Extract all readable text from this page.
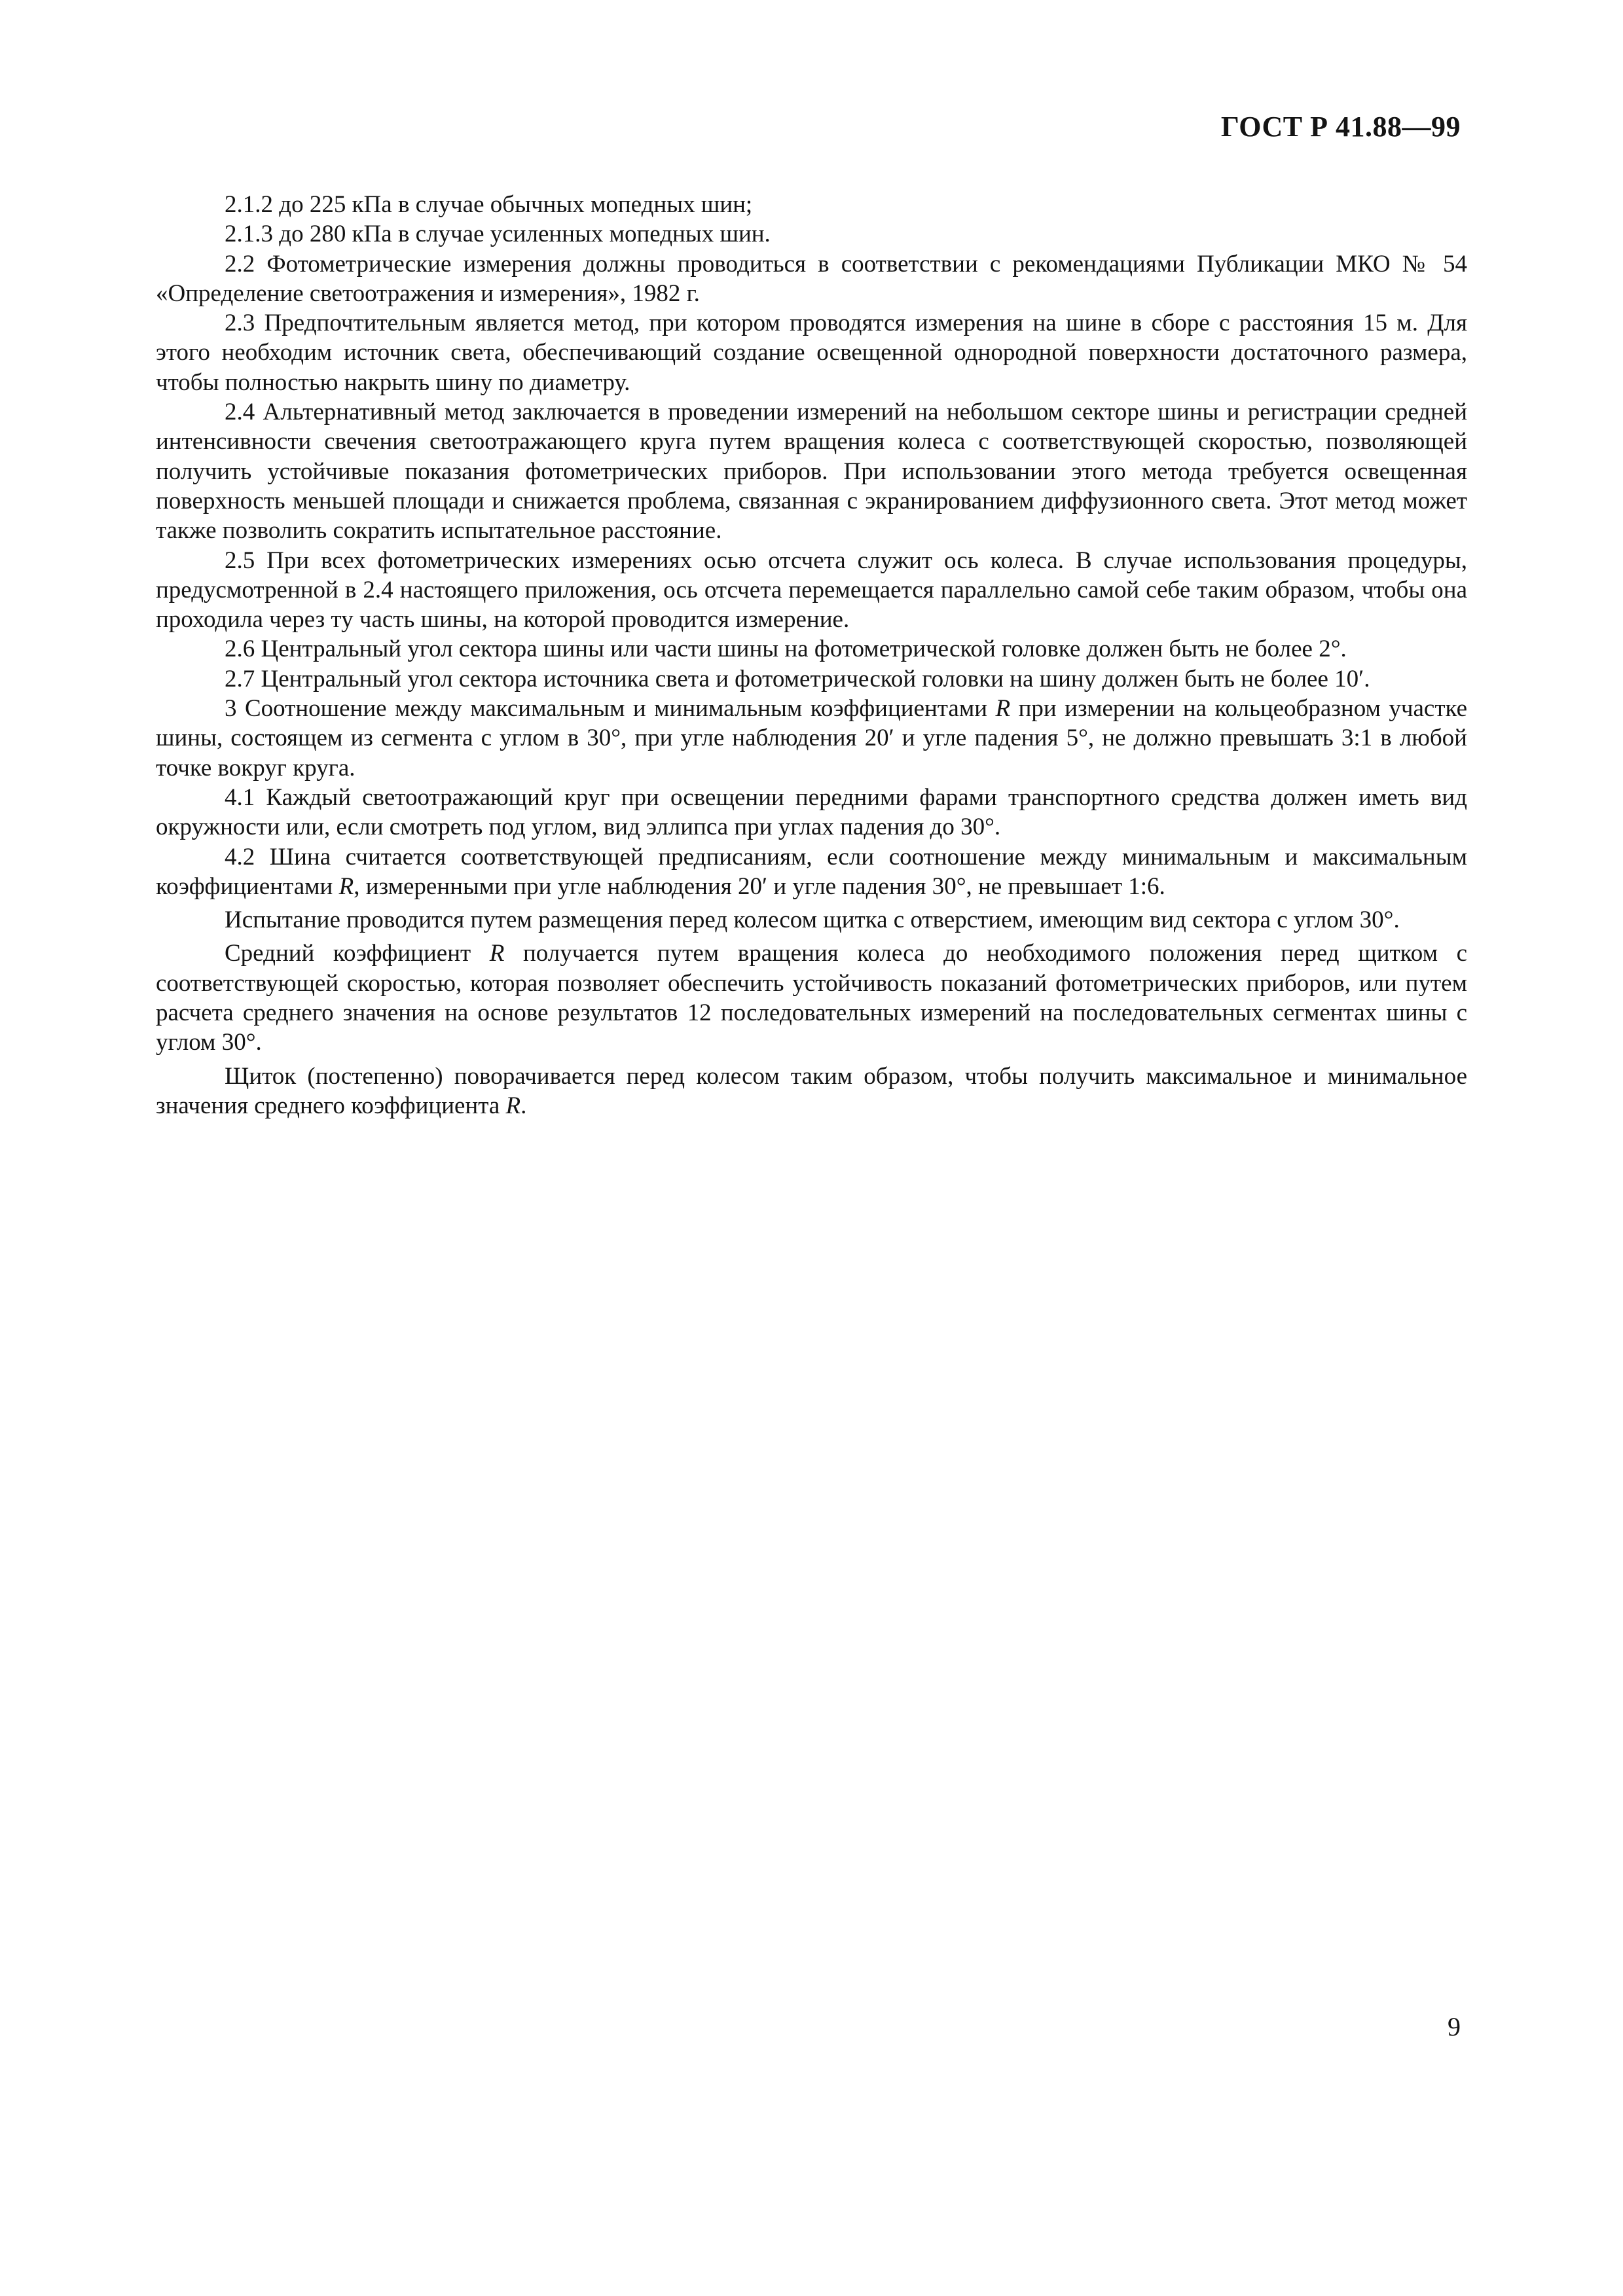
ГОСТ Р 41.88—99

2.1.2 до 225 кПа в случае обычных мопедных шин;

2.1.3 до 280 кПа в случае усиленных мопедных шин.

2.2 Фотометрические измерения должны проводиться в соответствии с рекомендациями Публикации МКО № 54 «Определение светоотражения и измерения», 1982 г.

2.3 Предпочтительным является метод, при котором проводятся измерения на шине в сборе с расстояния 15 м. Для этого необходим источник света, обеспечивающий создание освещенной однородной поверхности достаточного размера, чтобы полностью накрыть шину по диаметру.

2.4 Альтернативный метод заключается в проведении измерений на небольшом секторе шины и регистрации средней интенсивности свечения светоотражающего круга путем вращения колеса с соответствующей скоростью, позволяющей получить устойчивые показания фотометрических приборов. При использовании этого метода требуется освещенная поверхность меньшей площади и снижается проблема, связанная с экранированием диффузионного света. Этот метод может также позволить сократить испытательное расстояние.

2.5 При всех фотометрических измерениях осью отсчета служит ось колеса. В случае использования процедуры, предусмотренной в 2.4 настоящего приложения, ось отсчета перемещается параллельно самой себе таким образом, чтобы она проходила через ту часть шины, на которой проводится измерение.

2.6 Центральный угол сектора шины или части шины на фотометрической головке должен быть не более 2°.

2.7 Центральный угол сектора источника света и фотометрической головки на шину должен быть не более 10′.

3 Соотношение между максимальным и минимальным коэффициентами R при измерении на кольцеобразном участке шины, состоящем из сегмента с углом в 30°, при угле наблюдения 20′ и угле падения 5°, не должно превышать 3:1 в любой точке вокруг круга.

4.1 Каждый светоотражающий круг при освещении передними фарами транспортного средства должен иметь вид окружности или, если смотреть под углом, вид эллипса при углах падения до 30°.

4.2 Шина считается соответствующей предписаниям, если соотношение между минимальным и максимальным коэффициентами R, измеренными при угле наблюдения 20′ и угле падения 30°, не превышает 1:6.

Испытание проводится путем размещения перед колесом щитка с отверстием, имеющим вид сектора с углом 30°.

Средний коэффициент R получается путем вращения колеса до необходимого положения перед щитком с соответствующей скоростью, которая позволяет обеспечить устойчивость показаний фотометрических приборов, или путем расчета среднего значения на основе результатов 12 последовательных измерений на последовательных сегментах шины с углом 30°.

Щиток (постепенно) поворачивается перед колесом таким образом, чтобы получить максимальное и минимальное значения среднего коэффициента R.

9
